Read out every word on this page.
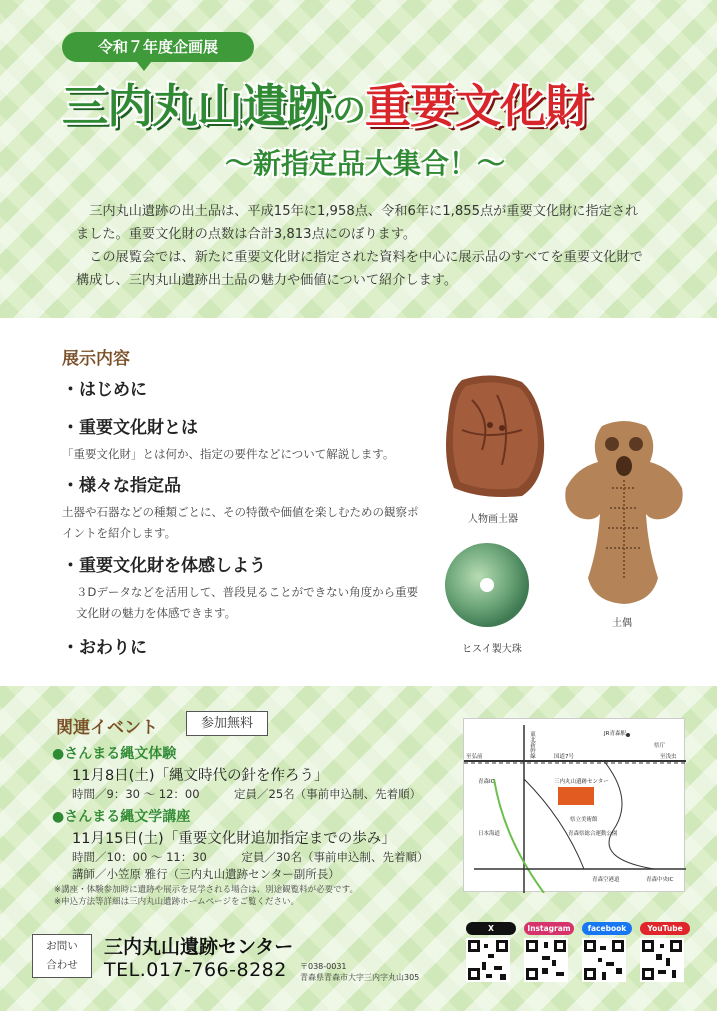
令和７年度企画展
三内丸山遺跡の重要文化財
〜新指定品大集合！〜

三内丸山遺跡の出土品は、平成15年に1,958点、令和6年に1,855点が重要文化財に指定されました。重要文化財の点数は合計3,813点にのぼります。

この展覧会では、新たに重要文化財に指定された資料を中心に展示品のすべてを重要文化財で構成し、三内丸山遺跡出土品の魅力や価値について紹介します。

展示内容
・はじめに
・重要文化財とは
「重要文化財」とは何か、指定の要件などについて解説します。
・様々な指定品
土器や石器などの種類ごとに、その特徴や価値を楽しむための観察ポイントを紹介します。
・重要文化財を体感しよう
３Dデータなどを活用して、普段見ることができない角度から重要文化財の魅力を体感できます。
・おわりに
人物画土器
土偶
ヒスイ製大珠
関連イベント	参加無料
●さんまる縄文体験
11月8日(土)「縄文時代の針を作ろう」
時間／9：30 ～ 12：00　　　定員／25名（事前申込制、先着順）
●さんまる縄文学講座
11月15日(土)「重要文化財追加指定までの歩み」
時間／10：00 ～ 11：30　　　定員／30名（事前申込制、先着順）
講師／小笠原 雅行（三内丸山遺跡センター副所長）
※講座・体験参加時に遺跡や展示を見学される場合は、別途観覧料が必要です。
※申込方法等詳細は三内丸山遺跡ホームページをご覧ください。
JR青森駅
至弘前	国道7号	至浅虫
県庁
三内丸山遺跡センター
青森IC
県立美術館
青森県総合運動公園
日本海道
青森空港道	青森中央IC
東北新幹線
お問い
合わせ
三内丸山遺跡センター
TEL.017-766-8282 〒038-0031
青森県青森市大字三内字丸山305
X	Instagram	facebook	YouTube
